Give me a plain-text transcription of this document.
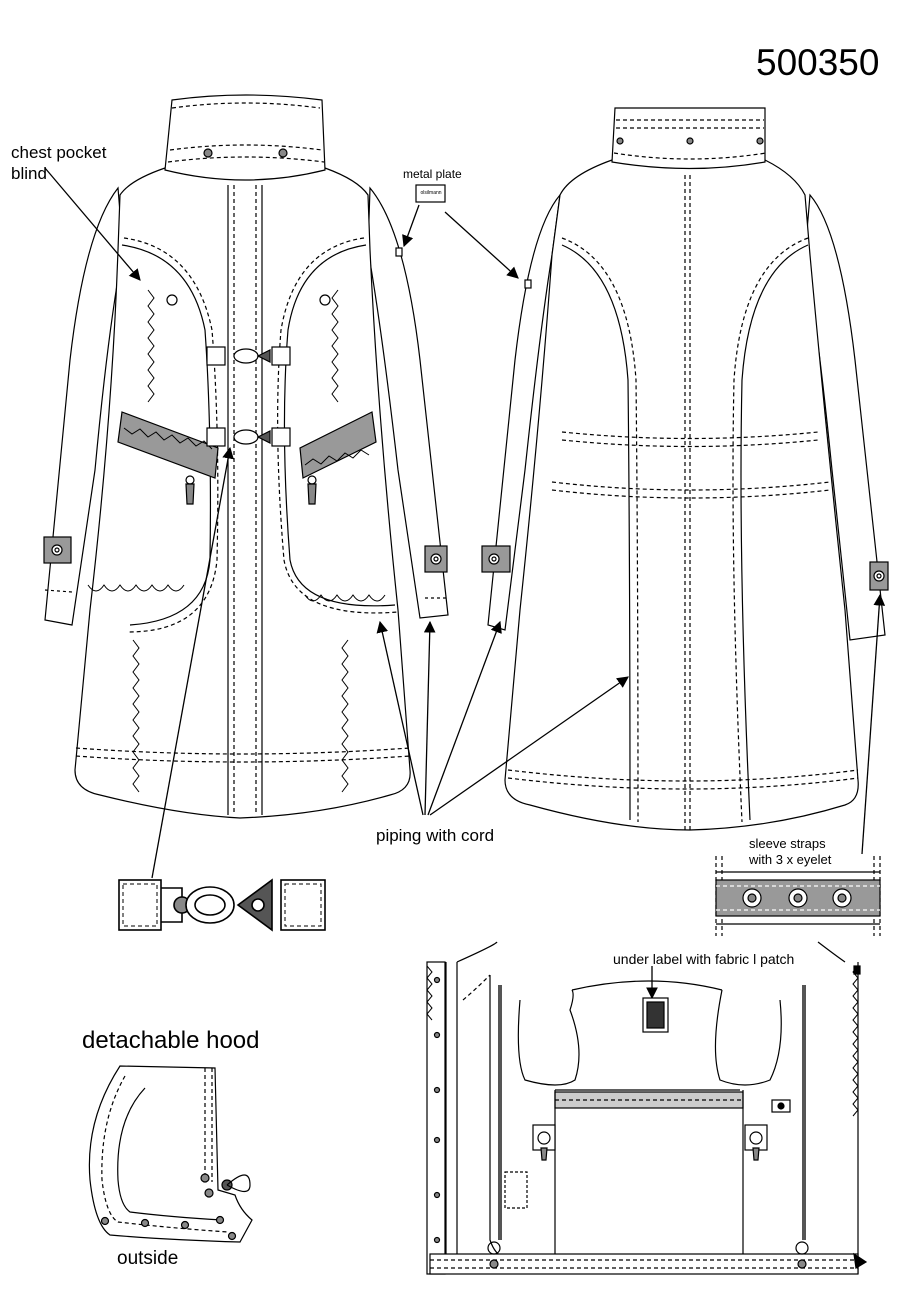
500350
chest pocket
blind	metal plate
olsilmann
piping with cord	sleeve straps
with 3 x eyelet
under label with fabric l patch
detachable hood
outside
